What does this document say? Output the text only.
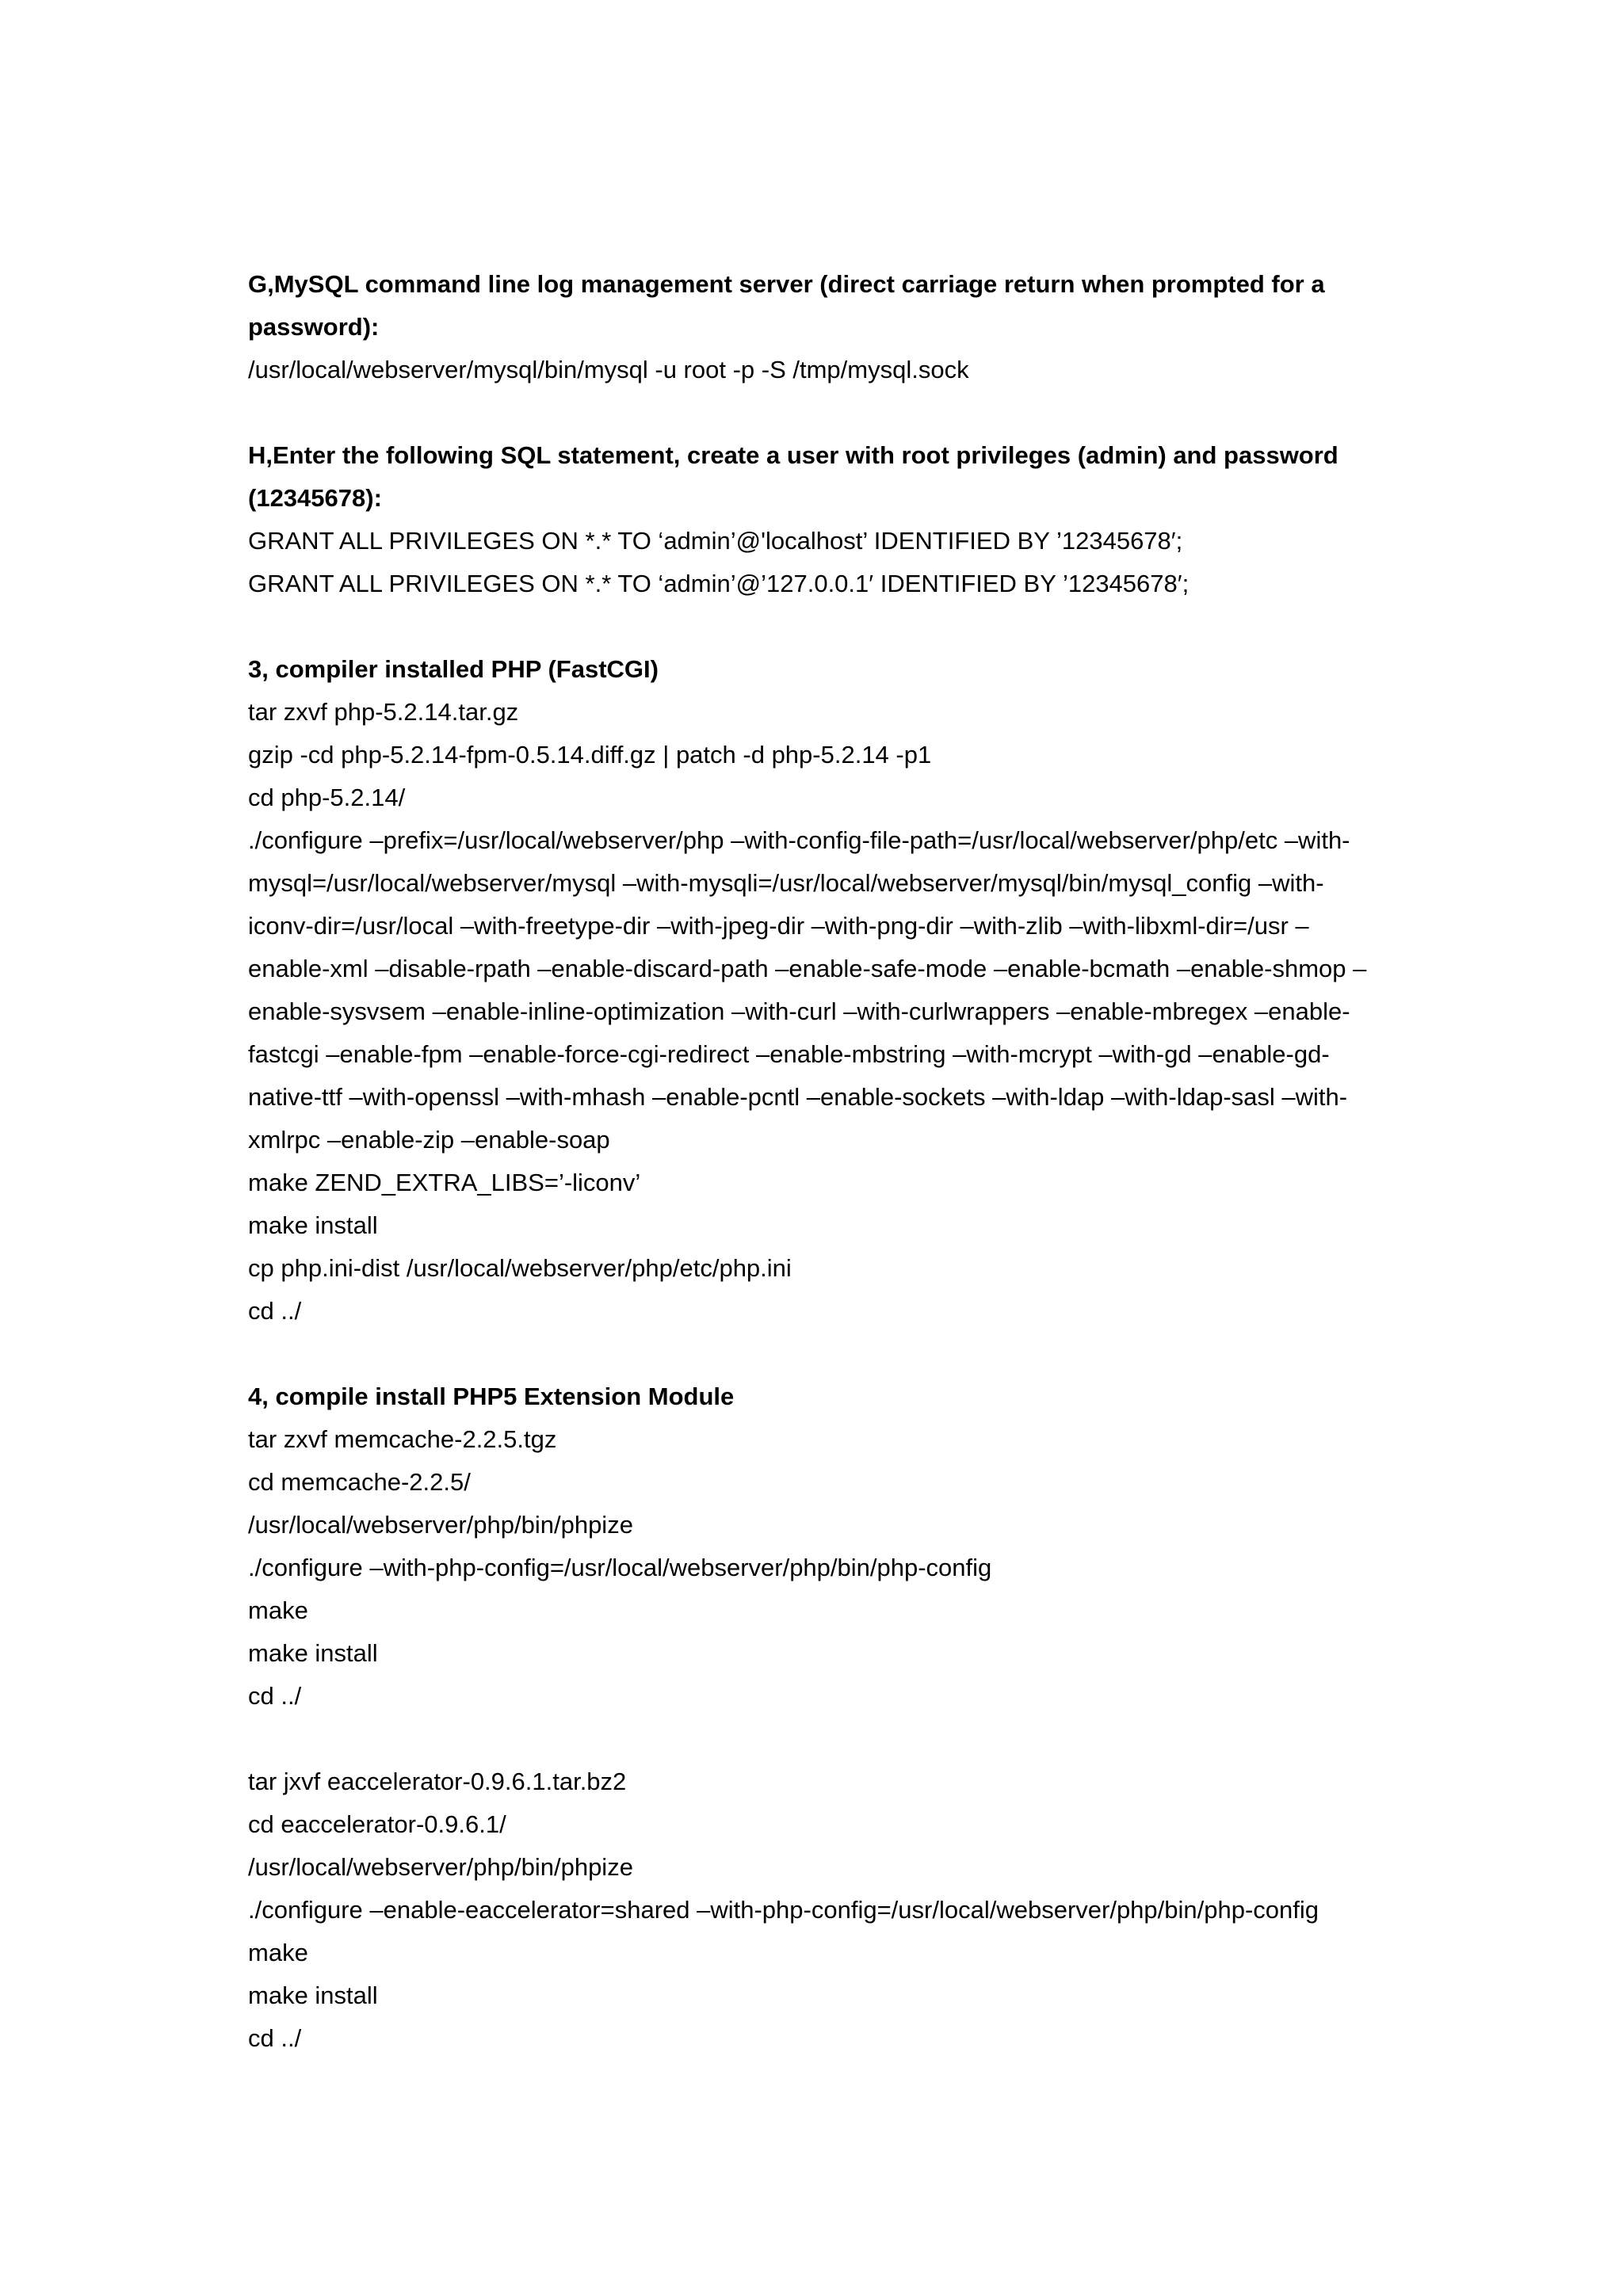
G,MySQL command line log management server (direct carriage return when prompted for a
password):
/usr/local/webserver/mysql/bin/mysql -u root -p -S /tmp/mysql.sock
H,Enter the following SQL statement, create a user with root privileges (admin) and password
(12345678):
GRANT ALL PRIVILEGES ON *.* TO ‘admin’@'localhost’ IDENTIFIED BY ’12345678′;
GRANT ALL PRIVILEGES ON *.* TO ‘admin’@’127.0.0.1′ IDENTIFIED BY ’12345678′;
3, compiler installed PHP (FastCGI)
tar zxvf php-5.2.14.tar.gz
gzip -cd php-5.2.14-fpm-0.5.14.diff.gz | patch -d php-5.2.14 -p1
cd php-5.2.14/
./configure –prefix=/usr/local/webserver/php –with-config-file-path=/usr/local/webserver/php/etc –with-
mysql=/usr/local/webserver/mysql –with-mysqli=/usr/local/webserver/mysql/bin/mysql_config –with-
iconv-dir=/usr/local –with-freetype-dir –with-jpeg-dir –with-png-dir –with-zlib –with-libxml-dir=/usr –
enable-xml –disable-rpath –enable-discard-path –enable-safe-mode –enable-bcmath –enable-shmop –
enable-sysvsem –enable-inline-optimization –with-curl –with-curlwrappers –enable-mbregex –enable-
fastcgi –enable-fpm –enable-force-cgi-redirect –enable-mbstring –with-mcrypt –with-gd –enable-gd-
native-ttf –with-openssl –with-mhash –enable-pcntl –enable-sockets –with-ldap –with-ldap-sasl –with-
xmlrpc –enable-zip –enable-soap
make ZEND_EXTRA_LIBS=’-liconv’
make install
cp php.ini-dist /usr/local/webserver/php/etc/php.ini
cd ../
4, compile install PHP5 Extension Module
tar zxvf memcache-2.2.5.tgz
cd memcache-2.2.5/
/usr/local/webserver/php/bin/phpize
./configure –with-php-config=/usr/local/webserver/php/bin/php-config
make
make install
cd ../
tar jxvf eaccelerator-0.9.6.1.tar.bz2
cd eaccelerator-0.9.6.1/
/usr/local/webserver/php/bin/phpize
./configure –enable-eaccelerator=shared –with-php-config=/usr/local/webserver/php/bin/php-config
make
make install
cd ../
